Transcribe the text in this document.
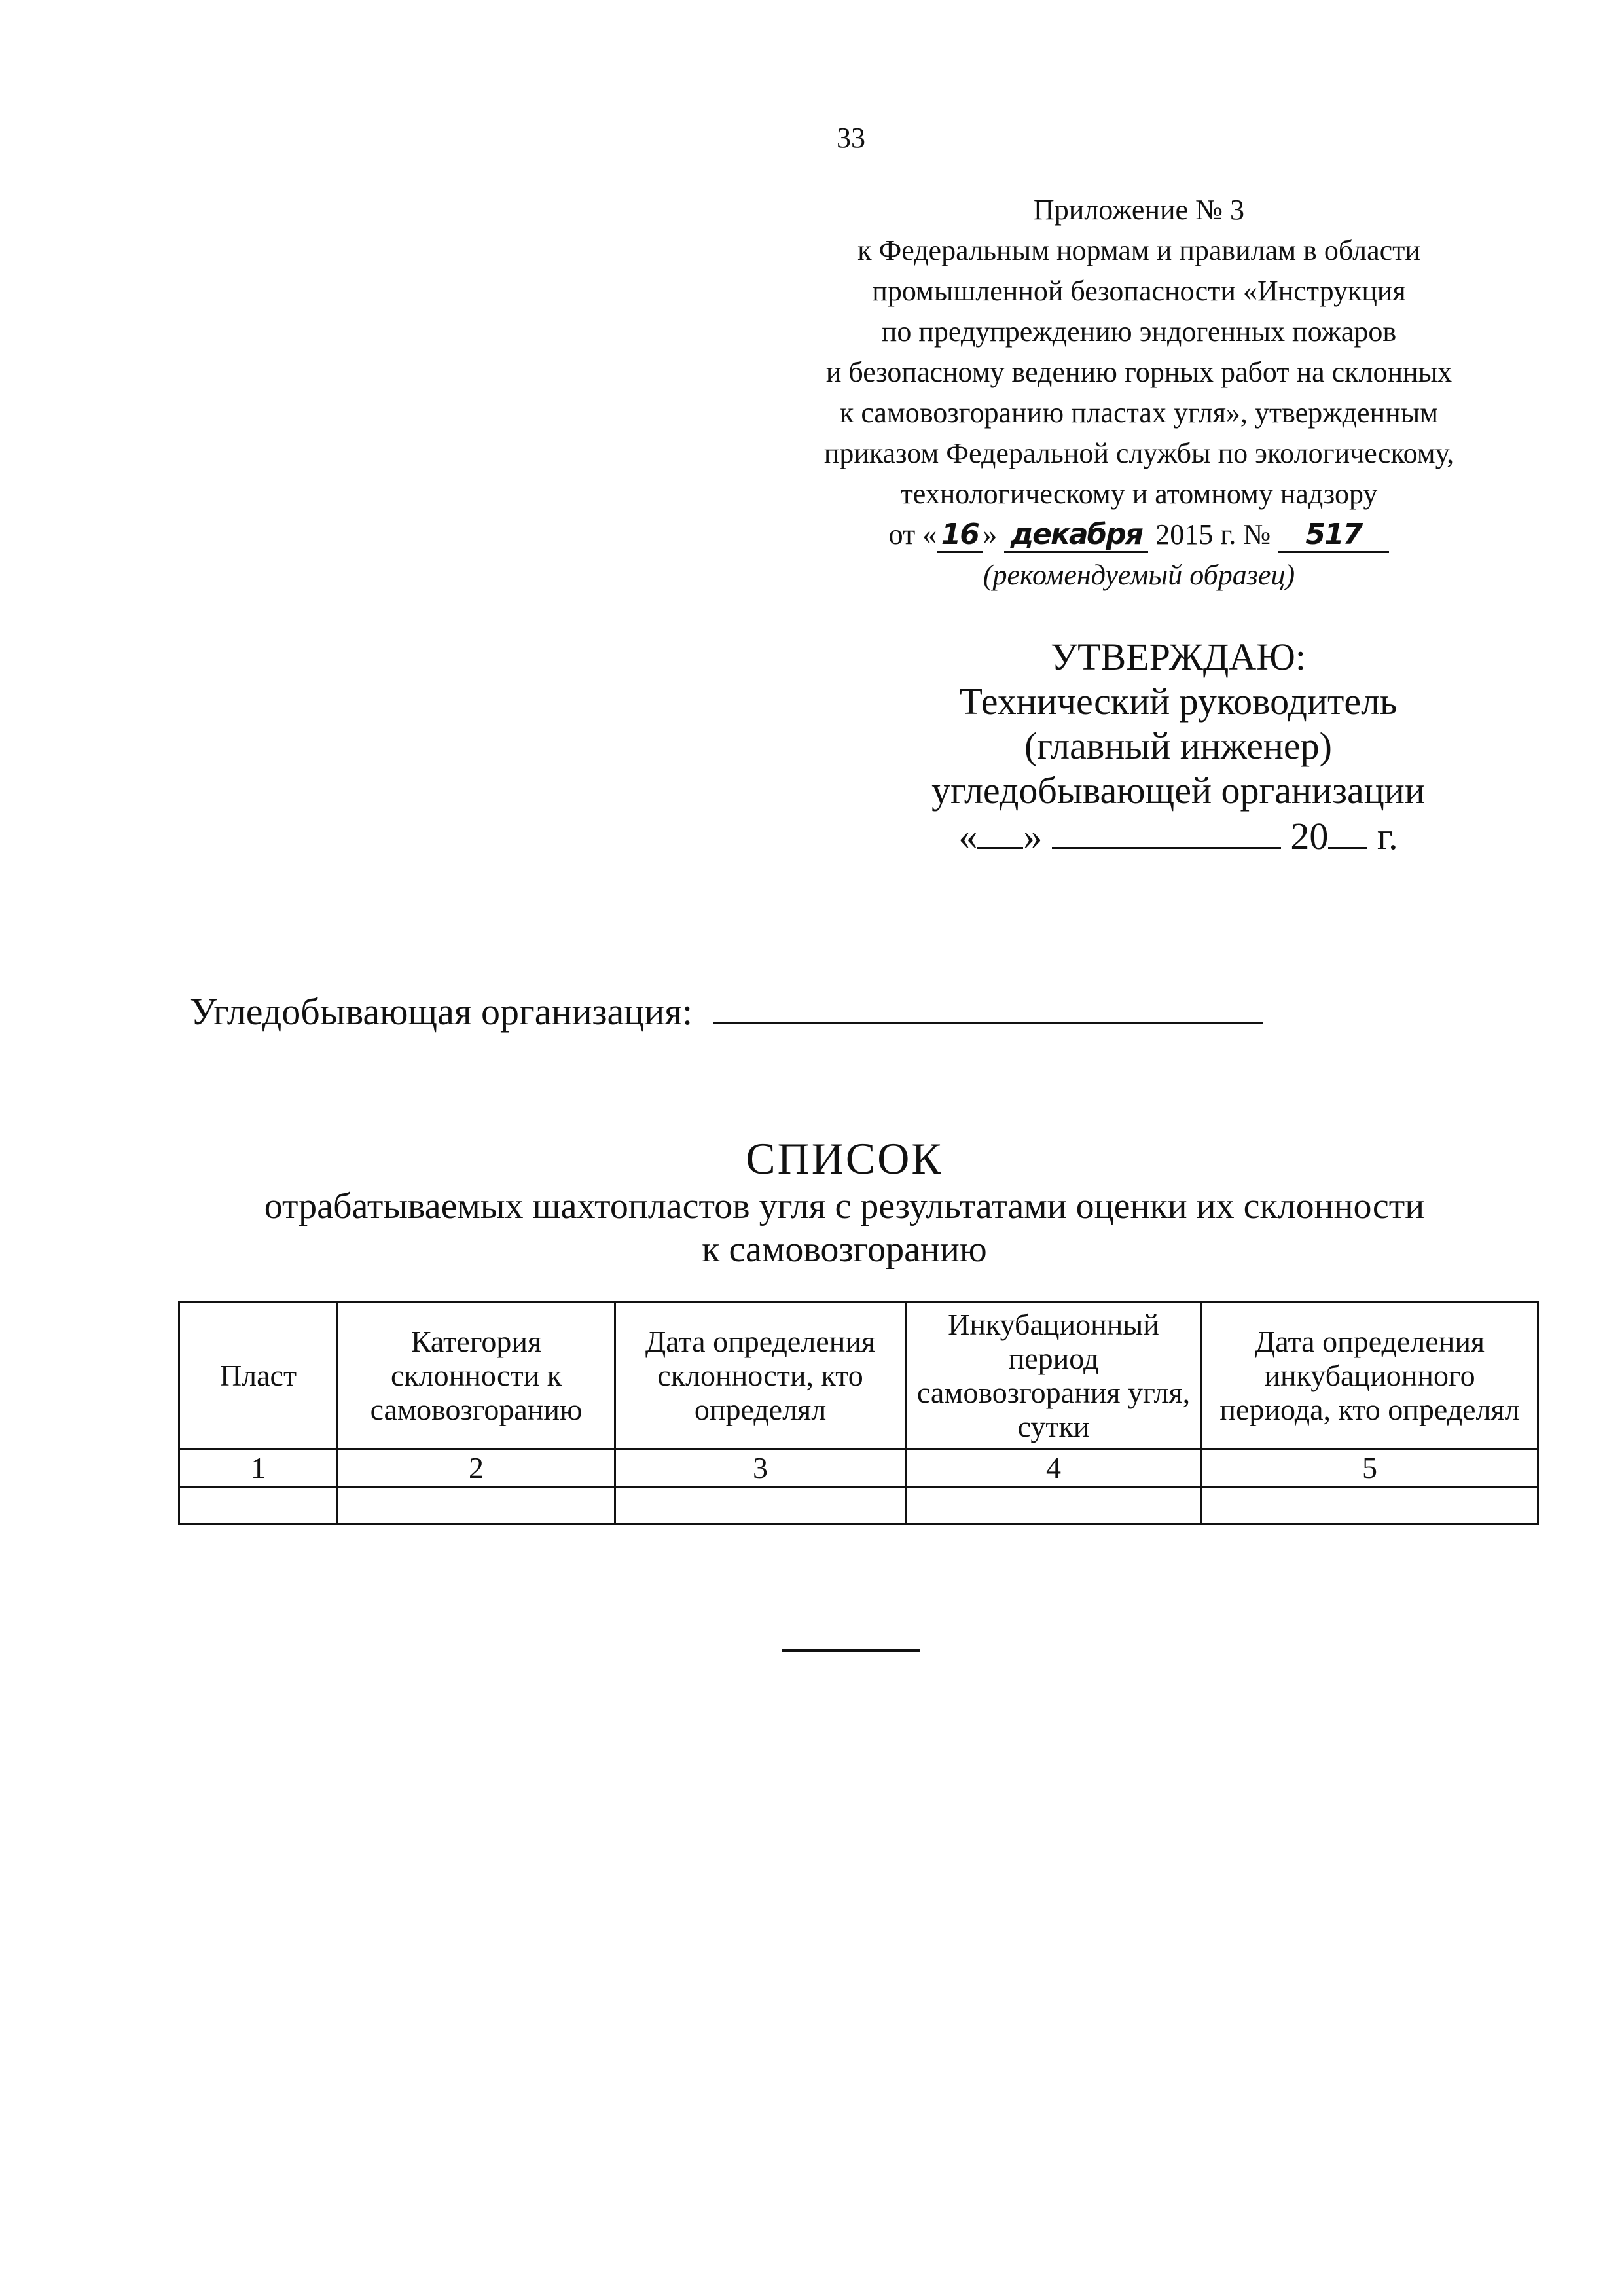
33
Приложение № 3
к Федеральным нормам и правилам в области
промышленной безопасности «Инструкция
по предупреждению эндогенных пожаров
и безопасному ведению горных работ на склонных
к самовозгоранию пластах угля», утвержденным
приказом Федеральной службы по экологическому,
технологическому и атомному надзору
от « 16 » декабря 2015 г. № 517
(рекомендуемый образец)
УТВЕРЖДАЮ:
Технический руководитель
(главный инженер)
угледобывающей организации
« »	20 г.
Угледобывающая организация:
СПИСОК
отрабатываемых шахтопластов угля с результатами оценки их склонности
к самовозгоранию
Пласт	Категория склонности к самовозгоранию	Дата определения склонности, кто определял	Инкубационный период самовозгорания угля, сутки	Дата определения инкубационного периода, кто определял
1	2	3	4	5
